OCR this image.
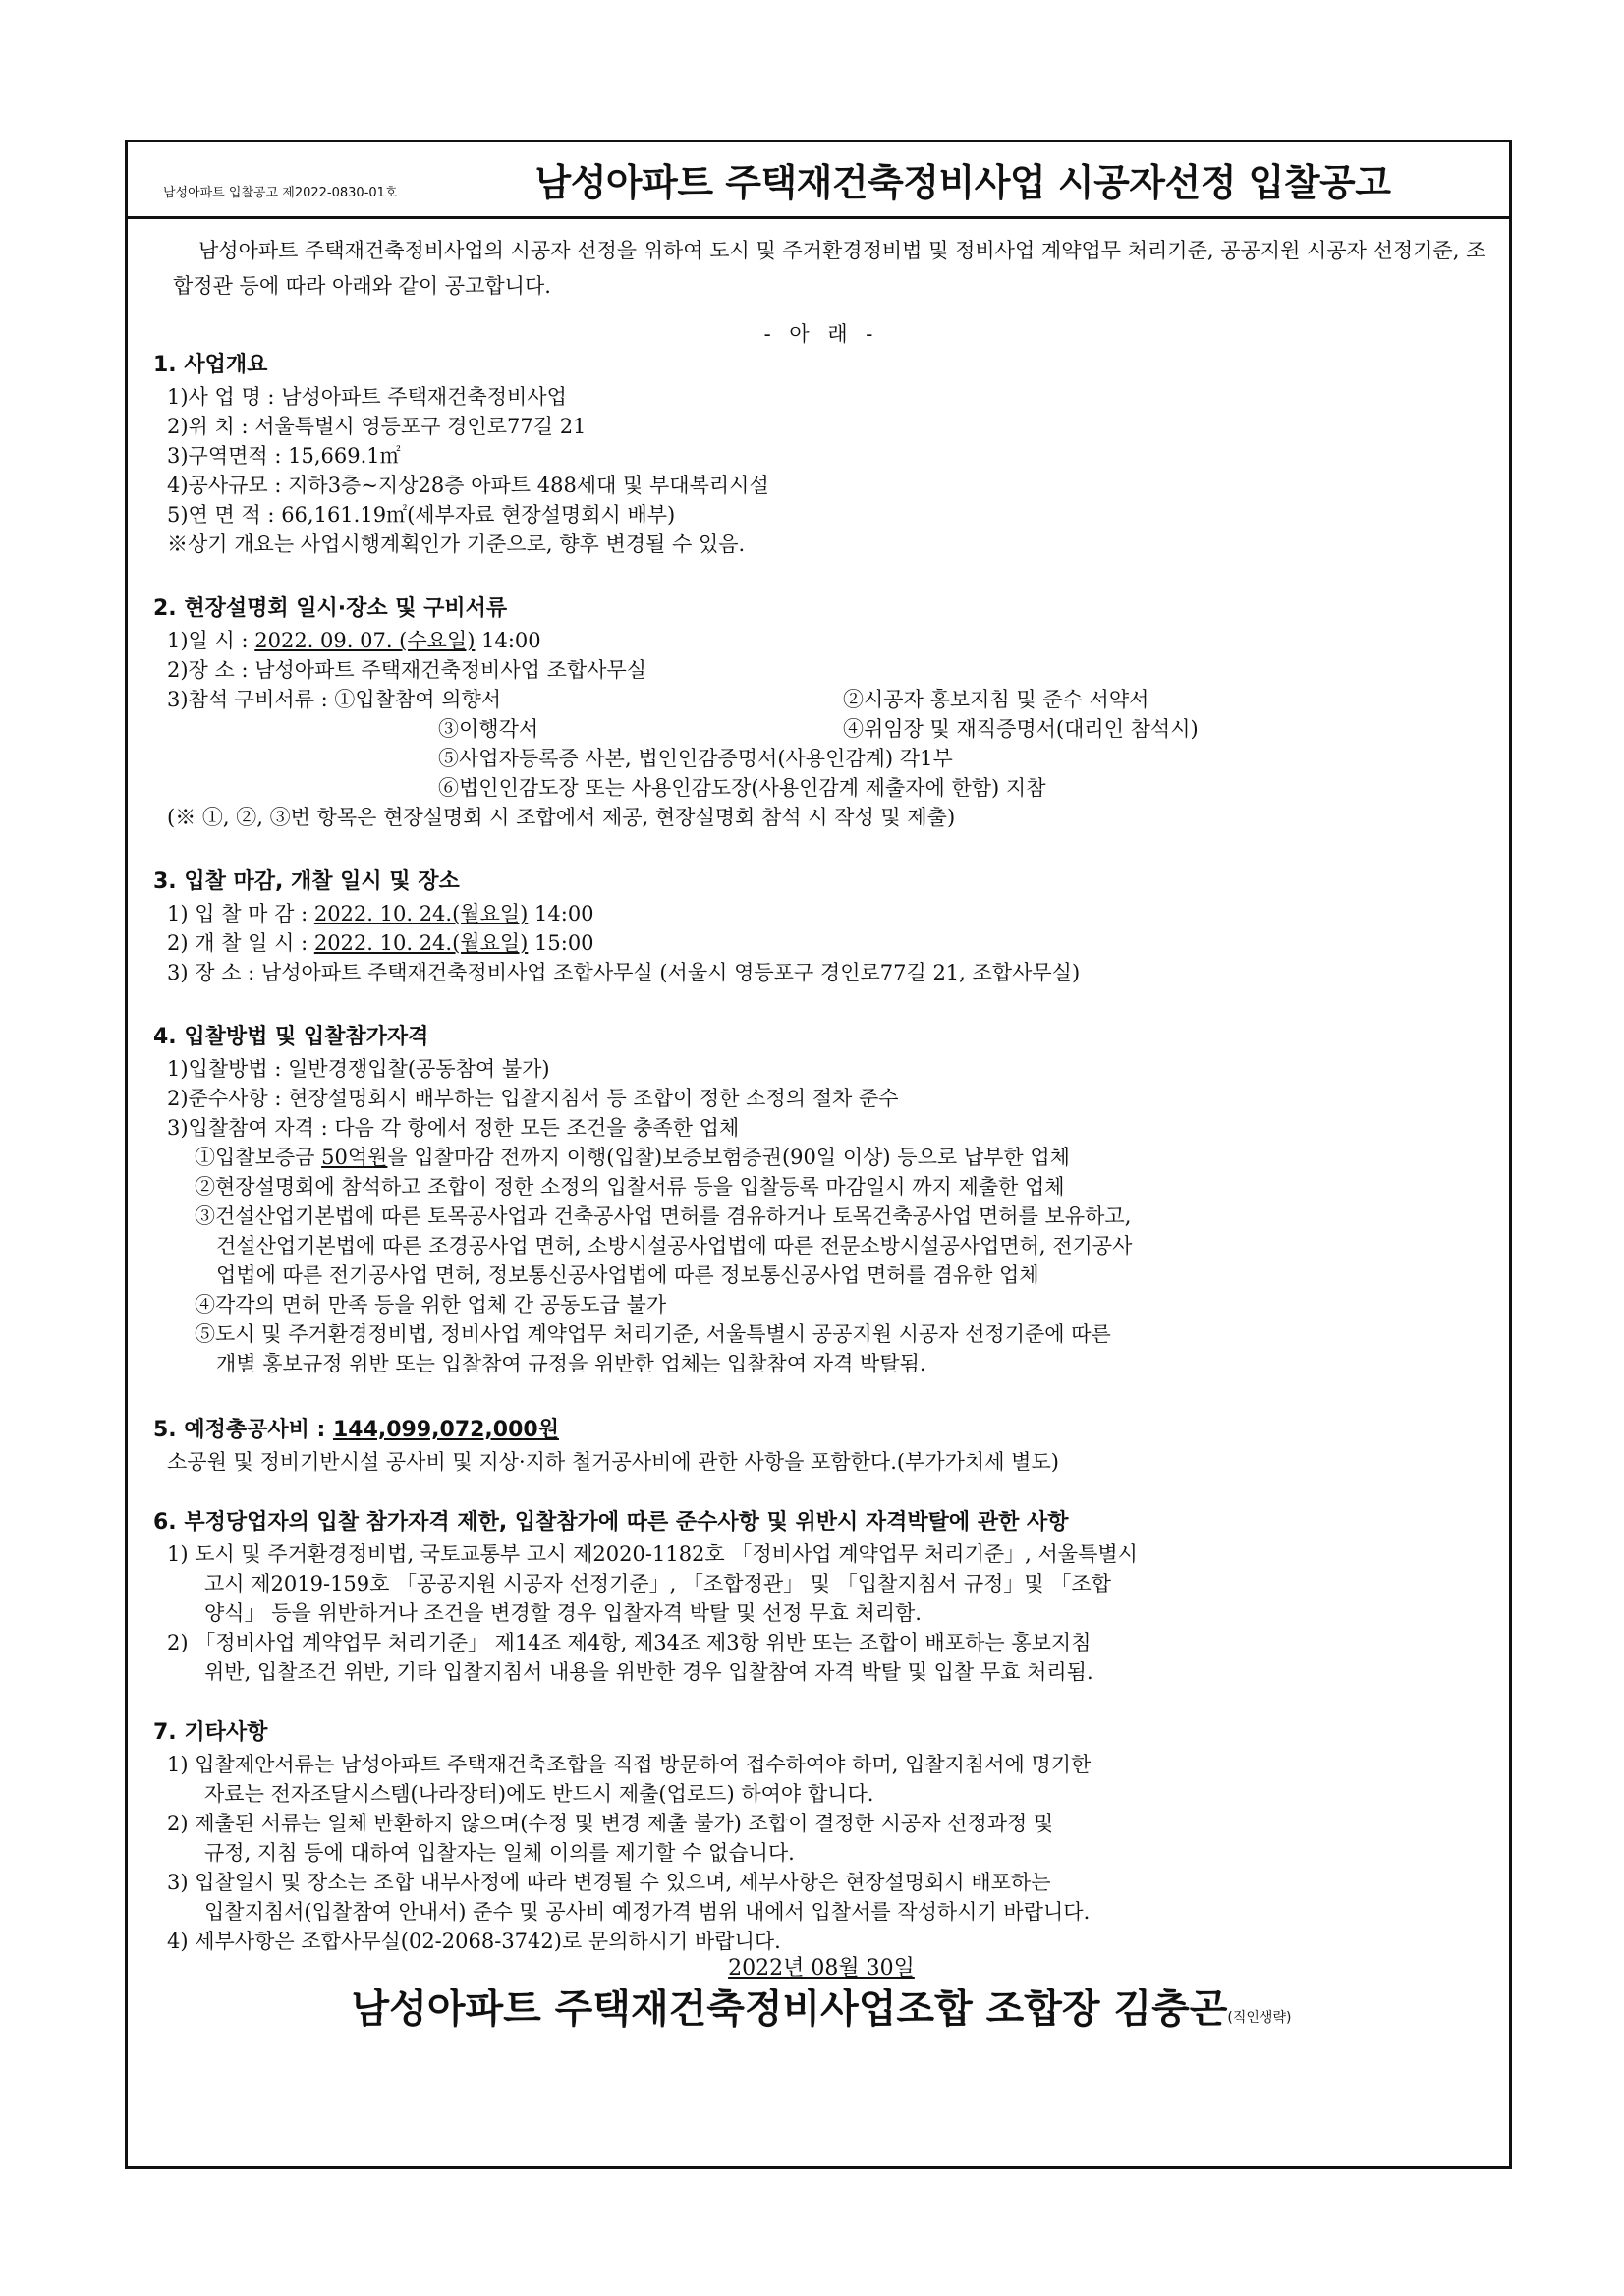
남성아파트 입찰공고 제2022-0830-01호	남성아파트 주택재건축정비사업 시공자선정 입찰공고
남성아파트 주택재건축정비사업의 시공자 선정을 위하여 도시 및 주거환경정비법 및 정비사업 계약업무 처리기준, 공공지원 시공자 선정기준, 조합정관 등에 따라 아래와 같이 공고합니다.
- 아 래 -
1. 사업개요
1)사 업 명 : 남성아파트 주택재건축정비사업
2)위 치 : 서울특별시 영등포구 경인로77길 21
3)구역면적 : 15,669.1㎡
4)공사규모 : 지하3층~지상28층 아파트 488세대 및 부대복리시설
5)연 면 적 : 66,161.19㎡(세부자료 현장설명회시 배부)
※상기 개요는 사업시행계획인가 기준으로, 향후 변경될 수 있음.
2. 현장설명회 일시·장소 및 구비서류
1)일 시 : 2022. 09. 07. (수요일) 14:00
2)장 소 : 남성아파트 주택재건축정비사업 조합사무실
3)참석 구비서류 : ①입찰참여 의향서	②시공자 홍보지침 및 준수 서약서
③이행각서	④위임장 및 재직증명서(대리인 참석시)
⑤사업자등록증 사본, 법인인감증명서(사용인감계) 각1부
⑥법인인감도장 또는 사용인감도장(사용인감계 제출자에 한함) 지참
(※ ①, ②, ③번 항목은 현장설명회 시 조합에서 제공, 현장설명회 참석 시 작성 및 제출)
3. 입찰 마감, 개찰 일시 및 장소
1) 입 찰 마 감 : 2022. 10. 24.(월요일) 14:00
2) 개 찰 일 시 : 2022. 10. 24.(월요일) 15:00
3) 장 소 : 남성아파트 주택재건축정비사업 조합사무실 (서울시 영등포구 경인로77길 21, 조합사무실)
4. 입찰방법 및 입찰참가자격
1)입찰방법 : 일반경쟁입찰(공동참여 불가)
2)준수사항 : 현장설명회시 배부하는 입찰지침서 등 조합이 정한 소정의 절차 준수
3)입찰참여 자격 : 다음 각 항에서 정한 모든 조건을 충족한 업체
①입찰보증금 50억원을 입찰마감 전까지 이행(입찰)보증보험증권(90일 이상) 등으로 납부한 업체
②현장설명회에 참석하고 조합이 정한 소정의 입찰서류 등을 입찰등록 마감일시 까지 제출한 업체
③건설산업기본법에 따른 토목공사업과 건축공사업 면허를 겸유하거나 토목건축공사업 면허를 보유하고,
건설산업기본법에 따른 조경공사업 면허, 소방시설공사업법에 따른 전문소방시설공사업면허, 전기공사
업법에 따른 전기공사업 면허, 정보통신공사업법에 따른 정보통신공사업 면허를 겸유한 업체
④각각의 면허 만족 등을 위한 업체 간 공동도급 불가
⑤도시 및 주거환경정비법, 정비사업 계약업무 처리기준, 서울특별시 공공지원 시공자 선정기준에 따른
개별 홍보규정 위반 또는 입찰참여 규정을 위반한 업체는 입찰참여 자격 박탈됨.
5. 예정총공사비 : 144,099,072,000원
소공원 및 정비기반시설 공사비 및 지상·지하 철거공사비에 관한 사항을 포함한다.(부가가치세 별도)
6. 부정당업자의 입찰 참가자격 제한, 입찰참가에 따른 준수사항 및 위반시 자격박탈에 관한 사항
1) 도시 및 주거환경정비법, 국토교통부 고시 제2020-1182호 「정비사업 계약업무 처리기준」, 서울특별시
고시 제2019-159호 「공공지원 시공자 선정기준」, 「조합정관」 및 「입찰지침서 규정」및 「조합
양식」 등을 위반하거나 조건을 변경할 경우 입찰자격 박탈 및 선정 무효 처리함.
2) 「정비사업 계약업무 처리기준」 제14조 제4항, 제34조 제3항 위반 또는 조합이 배포하는 홍보지침
위반, 입찰조건 위반, 기타 입찰지침서 내용을 위반한 경우 입찰참여 자격 박탈 및 입찰 무효 처리됨.
7. 기타사항
1) 입찰제안서류는 남성아파트 주택재건축조합을 직접 방문하여 접수하여야 하며, 입찰지침서에 명기한
자료는 전자조달시스템(나라장터)에도 반드시 제출(업로드) 하여야 합니다.
2) 제출된 서류는 일체 반환하지 않으며(수정 및 변경 제출 불가) 조합이 결정한 시공자 선정과정 및
규정, 지침 등에 대하여 입찰자는 일체 이의를 제기할 수 없습니다.
3) 입찰일시 및 장소는 조합 내부사정에 따라 변경될 수 있으며, 세부사항은 현장설명회시 배포하는
입찰지침서(입찰참여 안내서) 준수 및 공사비 예정가격 범위 내에서 입찰서를 작성하시기 바랍니다.
4) 세부사항은 조합사무실(02-2068-3742)로 문의하시기 바랍니다.
2022년 08월 30일
남성아파트 주택재건축정비사업조합 조합장 김충곤(직인생략)
